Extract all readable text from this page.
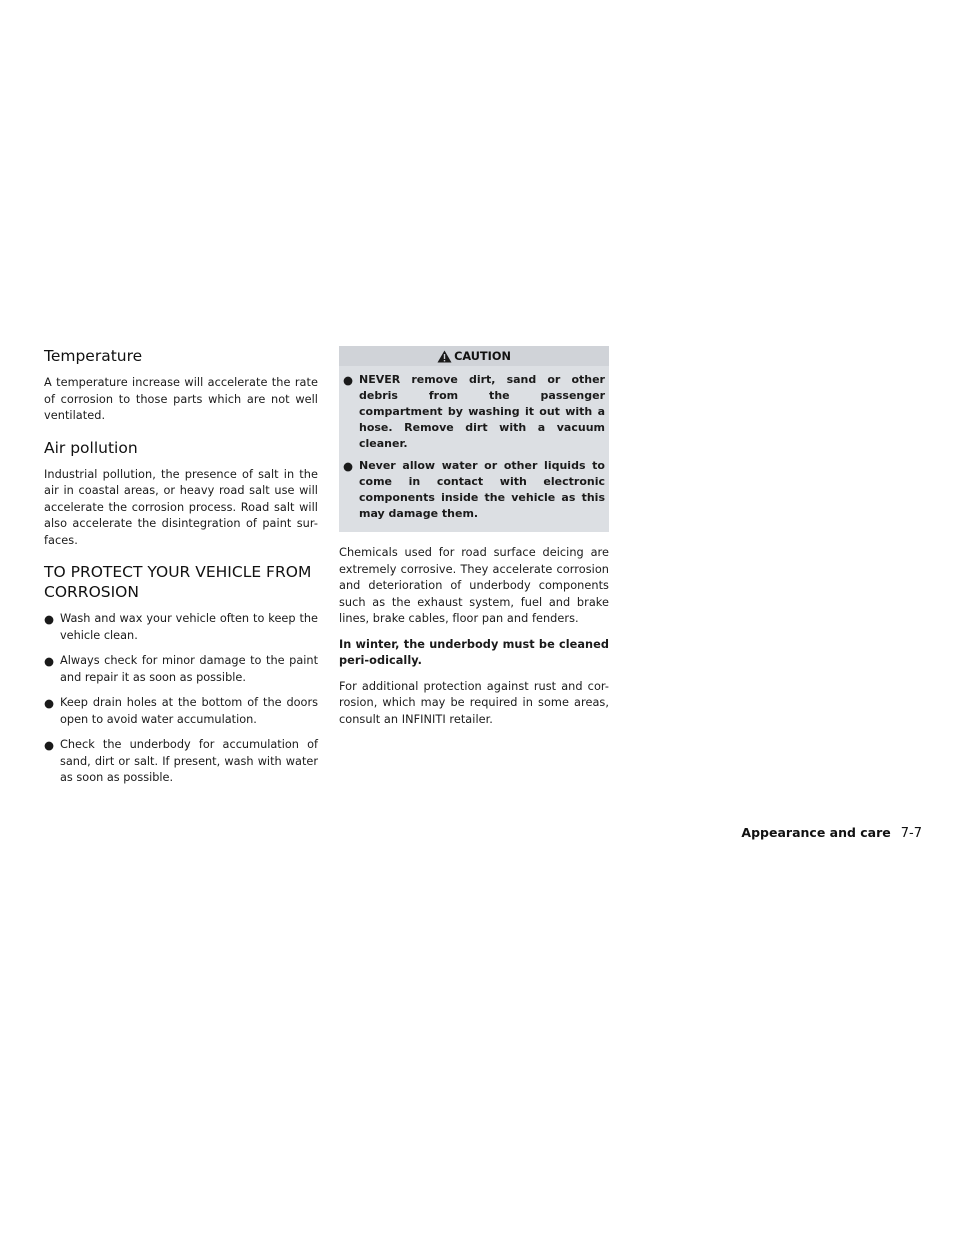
Temperature

A temperature increase will accelerate the rate of corrosion to those parts which are not well ventilated.

Air pollution

Industrial pollution, the presence of salt in the air in coastal areas, or heavy road salt use will accelerate the corrosion process. Road salt will also accelerate the disintegration of paint sur-faces.

TO PROTECT YOUR VEHICLE FROM
CORROSION
● Wash and wax your vehicle often to keep the vehicle clean.
● Always check for minor damage to the paint and repair it as soon as possible.
● Keep drain holes at the bottom of the doors open to avoid water accumulation.
● Check the underbody for accumulation of sand, dirt or salt. If present, wash with water as soon as possible.
CAUTION
● NEVER remove dirt, sand or other debris from the passenger compartment by washing it out with a hose. Remove dirt with a vacuum cleaner.
● Never allow water or other liquids to come in contact with electronic components inside the vehicle as this may damage them.

Chemicals used for road surface deicing are extremely corrosive. They accelerate corrosion and deterioration of underbody components such as the exhaust system, fuel and brake lines, brake cables, floor pan and fenders.

In winter, the underbody must be cleaned peri-odically.

For additional protection against rust and cor-rosion, which may be required in some areas, consult an INFINITI retailer.

Appearance and care 7-7
